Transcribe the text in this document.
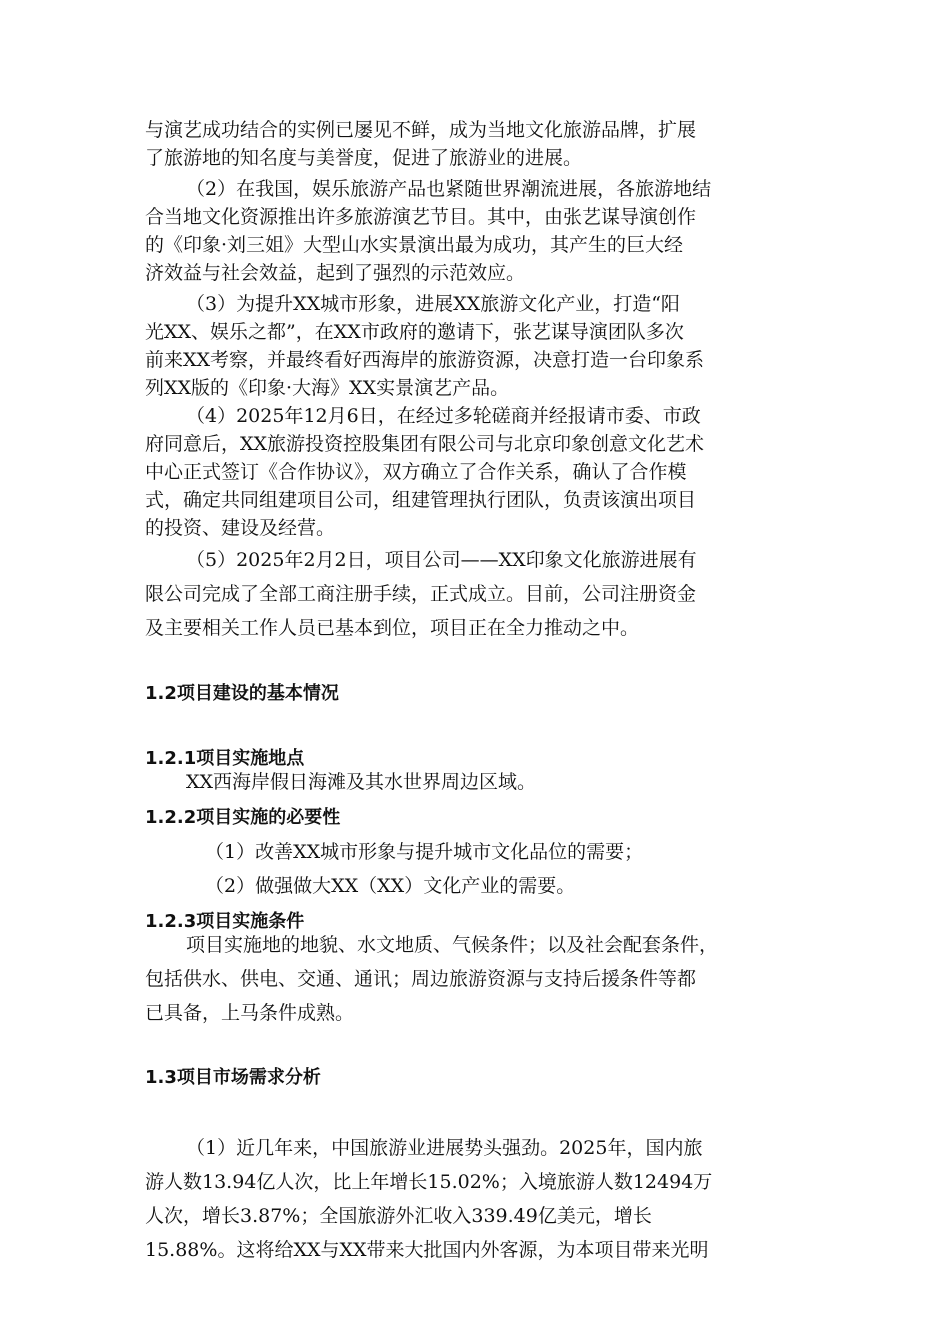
与演艺成功结合的实例已屡见不鲜，成为当地文化旅游品牌，扩展
了旅游地的知名度与美誉度，促进了旅游业的进展。
（2）在我国，娱乐旅游产品也紧随世界潮流进展，各旅游地结
合当地文化资源推出许多旅游演艺节目。其中，由张艺谋导演创作
的《印象·刘三姐》大型山水实景演出最为成功，其产生的巨大经
济效益与社会效益，起到了强烈的示范效应。
（3）为提升XX城市形象，进展XX旅游文化产业，打造“阳
光XX、娱乐之都”，在XX市政府的邀请下，张艺谋导演团队多次
前来XX考察，并最终看好西海岸的旅游资源，决意打造一台印象系
列XX版的《印象·大海》XX实景演艺产品。
（4）2025年12月6日，在经过多轮磋商并经报请市委、市政
府同意后，XX旅游投资控股集团有限公司与北京印象创意文化艺术
中心正式签订《合作协议》，双方确立了合作关系，确认了合作模
式，确定共同组建项目公司，组建管理执行团队，负责该演出项目
的投资、建设及经营。
（5）2025年2月2日，项目公司——XX印象文化旅游进展有
限公司完成了全部工商注册手续，正式成立。目前，公司注册资金
及主要相关工作人员已基本到位，项目正在全力推动之中。
1.2项目建设的基本情况
1.2.1项目实施地点
XX西海岸假日海滩及其水世界周边区域。
1.2.2项目实施的必要性
（1）改善XX城市形象与提升城市文化品位的需要；
（2）做强做大XX（XX）文化产业的需要。
1.2.3项目实施条件
项目实施地的地貌、水文地质、气候条件；以及社会配套条件，
包括供水、供电、交通、通讯；周边旅游资源与支持后援条件等都
已具备，上马条件成熟。
1.3项目市场需求分析
（1）近几年来，中国旅游业进展势头强劲。2025年，国内旅
游人数13.94亿人次，比上年增长15.02%；入境旅游人数12494万
人次，增长3.87%；全国旅游外汇收入339.49亿美元，增长
15.88%。这将给XX与XX带来大批国内外客源，为本项目带来光明
